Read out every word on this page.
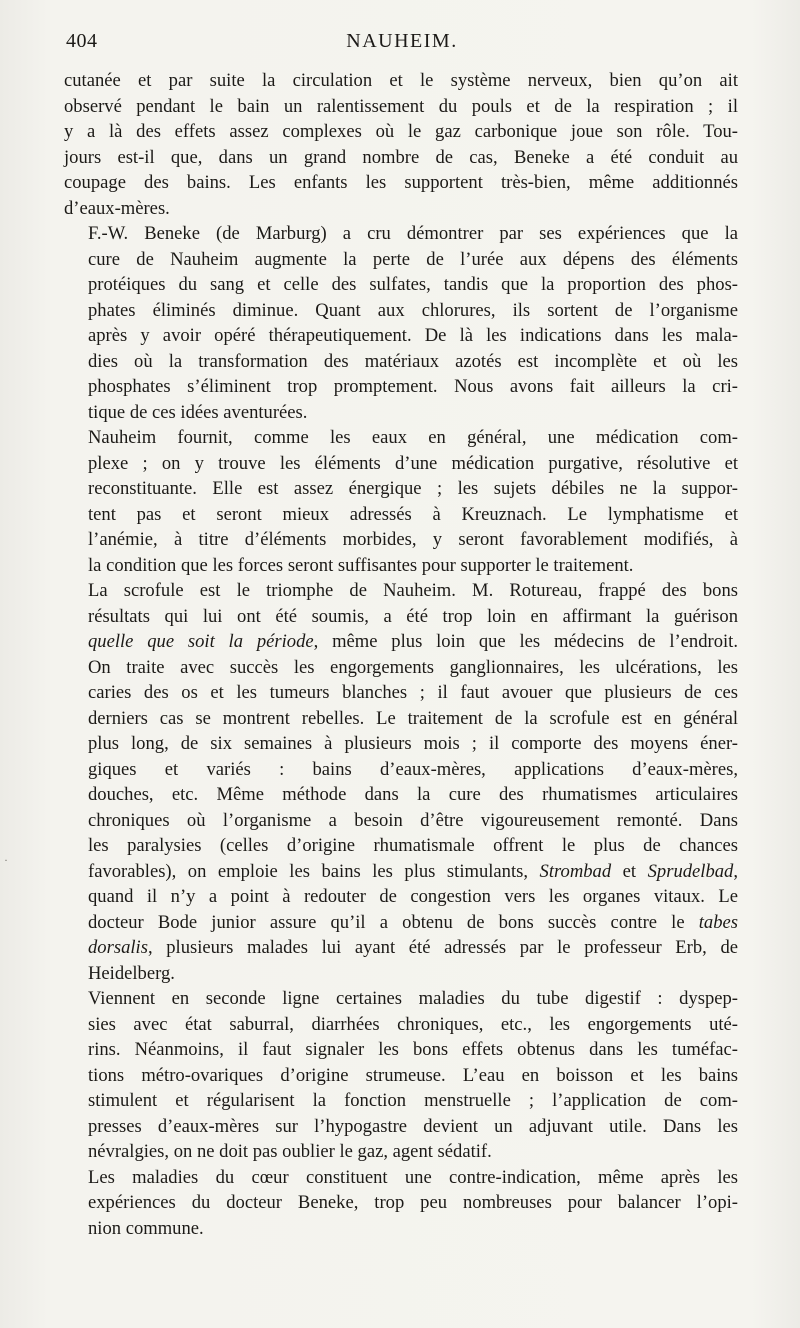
404	NAUHEIM.
·

cutanée et par suite la circulation et le système nerveux, bien qu’on ait
observé pendant le bain un ralentissement du pouls et de la respiration ; il
y a là des effets assez complexes où le gaz carbonique joue son rôle. Tou-
jours est-il que, dans un grand nombre de cas, Beneke a été conduit au
coupage des bains. Les enfants les supportent très-bien, même additionnés
d’eaux-mères.

F.-W. Beneke (de Marburg) a cru démontrer par ses expériences que la
cure de Nauheim augmente la perte de l’urée aux dépens des éléments
protéiques du sang et celle des sulfates, tandis que la proportion des phos-
phates éliminés diminue. Quant aux chlorures, ils sortent de l’organisme
après y avoir opéré thérapeutiquement. De là les indications dans les mala-
dies où la transformation des matériaux azotés est incomplète et où les
phosphates s’éliminent trop promptement. Nous avons fait ailleurs la cri-
tique de ces idées aventurées.

Nauheim fournit, comme les eaux en général, une médication com-
plexe ; on y trouve les éléments d’une médication purgative, résolutive et
reconstituante. Elle est assez énergique ; les sujets débiles ne la suppor-
tent pas et seront mieux adressés à Kreuznach. Le lymphatisme et
l’anémie, à titre d’éléments morbides, y seront favorablement modifiés, à
la condition que les forces seront suffisantes pour supporter le traitement.

La scrofule est le triomphe de Nauheim. M. Rotureau, frappé des bons
résultats qui lui ont été soumis, a été trop loin en affirmant la guérison
quelle que soit la période, même plus loin que les médecins de l’endroit.
On traite avec succès les engorgements ganglionnaires, les ulcérations, les
caries des os et les tumeurs blanches ; il faut avouer que plusieurs de ces
derniers cas se montrent rebelles. Le traitement de la scrofule est en général
plus long, de six semaines à plusieurs mois ; il comporte des moyens éner-
giques et variés : bains d’eaux-mères, applications d’eaux-mères,
douches, etc. Même méthode dans la cure des rhumatismes articulaires
chroniques où l’organisme a besoin d’être vigoureusement remonté. Dans
les paralysies (celles d’origine rhumatismale offrent le plus de chances
favorables), on emploie les bains les plus stimulants, Strombad et Sprudelbad,
quand il n’y a point à redouter de congestion vers les organes vitaux. Le
docteur Bode junior assure qu’il a obtenu de bons succès contre le tabes
dorsalis, plusieurs malades lui ayant été adressés par le professeur Erb, de
Heidelberg.

Viennent en seconde ligne certaines maladies du tube digestif : dyspep-
sies avec état saburral, diarrhées chroniques, etc., les engorgements uté-
rins. Néanmoins, il faut signaler les bons effets obtenus dans les tuméfac-
tions métro-ovariques d’origine strumeuse. L’eau en boisson et les bains
stimulent et régularisent la fonction menstruelle ; l’application de com-
presses d’eaux-mères sur l’hypogastre devient un adjuvant utile. Dans les
névralgies, on ne doit pas oublier le gaz, agent sédatif.

Les maladies du cœur constituent une contre-indication, même après les
expériences du docteur Beneke, trop peu nombreuses pour balancer l’opi-
nion commune.
